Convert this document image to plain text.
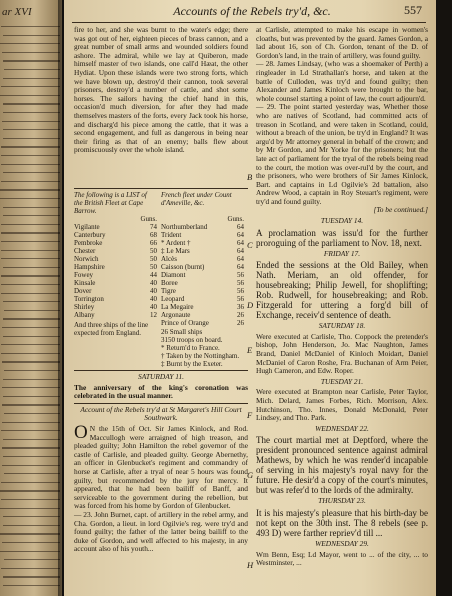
ar XVI	Accounts of the Rebels try'd, &c.	557

fire to her, and she was burnt to the water's edge; there was got out of her, eighteen pieces of brass cannon, and a great number of small arms and wounded soldiers found ashore. The admiral, while we lay at Quiberon, made himself master of two islands, one call'd Hæat, the other Hydiat. Upon these islands were two strong forts, which we have blown up, destroy'd their cannon, took several prisoners, destroy'd a number of cattle, and shot some horses. The sailors having the chief hand in this, occasion'd much diversion, for after they had made themselves masters of the forts, every Jack took his horse, and discharg'd his piece among the cattle, that it was a second engagement, and full as dangerous in being near their firing as that of an enemy; balls flew about promiscuously over the whole island.

The following is a LIST of the British Fleet at Cape Barrow.	French fleet under Count d'Ameville, &c.
Guns.	Guns.

Vigilante	74
Canterbury	68
Pembroke	66
Chester	50
Norwich	50
Hampshire	50
Fowey	44
Kinsale	40
Dover	40
Torrington	40
Shirley	40
Albany	12
And three ships of the line expected from England.

Northumberland	64
Trident	64
* Ardent †	64
‡ Le Mars	64
Alcès	64
Caisson (burnt)	64
Diamont	56
Boree	56
Tigre	56
Leopard	56
La Megaire	36
Argonaute	26
Prince of Orange	26
26 Small ships
3150 troops on board.
* Return'd to France.
† Taken by the Nottingham.
‡ Burnt by the Exeter.
SATURDAY 11.

The anniversary of the king's coronation was celebrated in the usual manner.

Account of the Rebels try'd at St Margaret's Hill Court Southwark.

O N the 15th of Oct. Sir James Kinlock, and Rod. Maccullogh were arraigned of high treason, and pleaded guilty; John Hamilton the rebel governor of the castle of Carlisle, and pleaded guilty. George Abernethy, an officer in Glenbucket's regiment and commandry of horse at Carlisle, after a tryal of near 5 hours was found guilty, but recommended by the jury for mercy. It appeared, that he had been bailiff of Banff, and serviceable to the government during the rebellion, but was forced from his home by Gordon of Glenbucket.

— 23. John Burnet, capt. of artillery in the rebel army, and Cha. Gordon, a lieut. in lord Ogilvie's reg. were try'd and found guilty; the father of the latter being bailiff to the duke of Gordon, and well affected to his majesty, in any account also of his youth...

at Carlisle, attempted to make his escape in women's cloaths, but was prevented by the guard. James Gordon, a lad about 16, son of Ch. Gordon, tenant of the D. of Gordon's land, in the train of artillery, was found guilty.

— 28. James Lindsay, (who was a shoemaker of Perth) a ringleader in Ld Strathallan's horse, and taken at the battle of Culloden, was try'd and found guilty; then Alexander and James Kinloch were brought to the bar, whole counsel starting a point of law, the court adjourn'd.

— 29. The point started yesterday was, Whether those who are natives of Scotland, had committed acts of treason in Scotland, and were taken in Scotland, could, without a breach of the union, be try'd in England? It was argu'd by Mr attorney general in behalf of the crown; and by Mr Gordon, and Mr Yorke for the prisoners; but the late act of parliament for the tryal of the rebels being read to the court, the motion was over-rul'd by the court, and the prisoners, who were brothers of Sir James Kinlock, Bart. and captains in Ld Ogilvie's 2d battalion, also Andrew Wood, a captain in Roy Steuart's regiment, were try'd and found guilty.

[To be continued.]
TUESDAY 14.

A proclamation was issu'd for the further proroguing of the parliament to Nov. 18, next.

FRIDAY 17.

Ended the sessions at the Old Bailey, when Nath. Meriam, an old offender, for housebreaking; Philip Jewell, for shoplifting; Rob. Rudwell, for housebreaking; and Rob. Fitzgerald for uttering a forg'd bill of Exchange, receiv'd sentence of death.

SATURDAY 18.

Were executed at Carlisle, Tho. Coppock the pretender's bishop, John Henderson, Jo. Mac Naughton, James Brand, Daniel McDaniel of Kinloch Moidart, Daniel McDaniel of Caron Roshe, Fra. Buchanan of Arm Peier, Hugh Cameron, and Edw. Roper.

TUESDAY 21.

Were executed at Brampton near Carlisle, Peter Taylor, Mich. Delard, James Forbes, Rich. Morrison, Alex. Hutchinson, Tho. Innes, Donald McDonald, Peter Lindsey, and Tho. Park.

WEDNESDAY 22.

The court martial met at Deptford, where the president pronounced sentence against admiral Mathews, by which he was render'd incapable of serving in his majesty's royal navy for the future. He desir'd a copy of the court's minutes, but was refer'd to the lords of the admiralty.

THURSDAY 23.

It is his majesty's pleasure that his birth-day be not kept on the 30th inst. The 8 rebels (see p. 493 D) were farther repriev'd till ...

WEDNESDAY 29.

Wm Benn, Esq; Ld Mayor, went to ... of the city, ... to Westminster, ...

B
C
D
E
F
G
H
